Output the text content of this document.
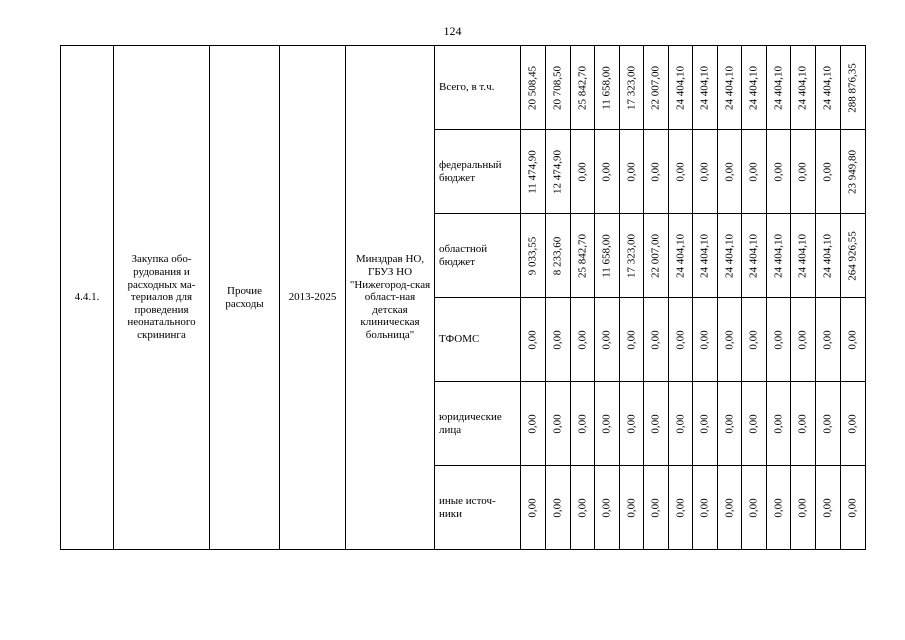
124
4.4.1.	Закупка обо-рудования и расходных ма-териалов для проведения неонатального скрининга	Прочие расходы	2013-2025	Минздрав НО, ГБУЗ НО "Нижегород-ская област-ная детская клиническая больница"	Всего, в т.ч.	20 508,45	20 708,50	25 842,70	11 658,00	17 323,00	22 007,00	24 404,10	24 404,10	24 404,10	24 404,10	24 404,10	24 404,10	24 404,10	288 876,35

					федеральный бюджет	11 474,90	12 474,90	0,00	0,00	0,00	0,00	0,00	0,00	0,00	0,00	0,00	0,00	0,00	23 949,80

					областной бюджет	9 033,55	8 233,60	25 842,70	11 658,00	17 323,00	22 007,00	24 404,10	24 404,10	24 404,10	24 404,10	24 404,10	24 404,10	24 404,10	264 926,55

					ТФОМС	0,00	0,00	0,00	0,00	0,00	0,00	0,00	0,00	0,00	0,00	0,00	0,00	0,00	0,00

					юридические лица	0,00	0,00	0,00	0,00	0,00	0,00	0,00	0,00	0,00	0,00	0,00	0,00	0,00	0,00

					иные источ-ники	0,00	0,00	0,00	0,00	0,00	0,00	0,00	0,00	0,00	0,00	0,00	0,00	0,00	0,00
